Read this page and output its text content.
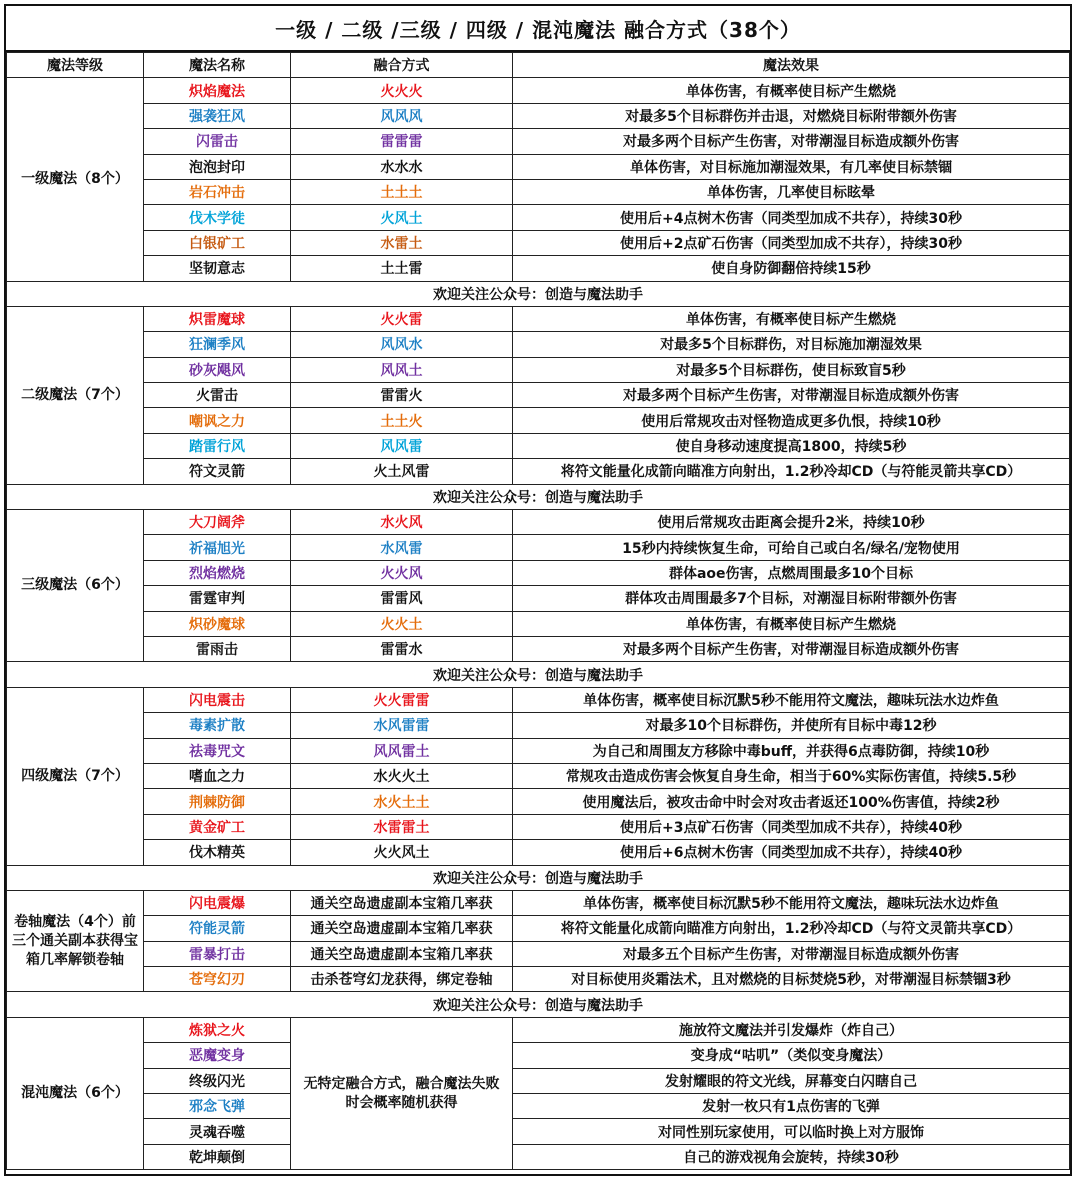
一级 / 二级 /三级 / 四级 / 混沌魔法 融合方式（38个）
魔法等级	魔法名称	融合方式	魔法效果
一级魔法（8个）	炽焰魔法	火火火	单体伤害，有概率使目标产生燃烧
	强袭狂风	风风风	对最多5个目标群伤并击退，对燃烧目标附带额外伤害
	闪雷击	雷雷雷	对最多两个目标产生伤害，对带潮湿目标造成额外伤害
	泡泡封印	水水水	单体伤害，对目标施加潮湿效果，有几率使目标禁锢
	岩石冲击	土土土	单体伤害，几率使目标眩晕
	伐木学徒	火风土	使用后+4点树木伤害（同类型加成不共存），持续30秒
	白银矿工	水雷土	使用后+2点矿石伤害（同类型加成不共存），持续30秒
	坚韧意志	土土雷	使自身防御翻倍持续15秒
欢迎关注公众号：创造与魔法助手			
二级魔法（7个）	炽雷魔球	火火雷	单体伤害，有概率使目标产生燃烧
	狂澜季风	风风水	对最多5个目标群伤，对目标施加潮湿效果
	砂灰飓风	风风土	对最多5个目标群伤，使目标致盲5秒
	火雷击	雷雷火	对最多两个目标产生伤害，对带潮湿目标造成额外伤害
	嘲讽之力	土土火	使用后常规攻击对怪物造成更多仇恨，持续10秒
	踏雷行风	风风雷	使自身移动速度提高1800，持续5秒
	符文灵箭	火土风雷	将符文能量化成箭向瞄准方向射出，1.2秒冷却CD（与符能灵箭共享CD）
欢迎关注公众号：创造与魔法助手			
三级魔法（6个）	大刀阔斧	水火风	使用后常规攻击距离会提升2米，持续10秒
	祈福旭光	水风雷	15秒内持续恢复生命，可给自己或白名/绿名/宠物使用
	烈焰燃烧	火火风	群体aoe伤害，点燃周围最多10个目标
	雷霆审判	雷雷风	群体攻击周围最多7个目标，对潮湿目标附带额外伤害
	炽砂魔球	火火土	单体伤害，有概率使目标产生燃烧
	雷雨击	雷雷水	对最多两个目标产生伤害，对带潮湿目标造成额外伤害
欢迎关注公众号：创造与魔法助手			
四级魔法（7个）	闪电震击	火火雷雷	单体伤害，概率使目标沉默5秒不能用符文魔法，趣味玩法水边炸鱼
	毒素扩散	水风雷雷	对最多10个目标群伤，并使所有目标中毒12秒
	祛毒咒文	风风雷土	为自己和周围友方移除中毒buff，并获得6点毒防御，持续10秒
	嗜血之力	水火火土	常规攻击造成伤害会恢复自身生命，相当于60%实际伤害值，持续5.5秒
	荆棘防御	水火土土	使用魔法后，被攻击命中时会对攻击者返还100%伤害值，持续2秒
	黄金矿工	水雷雷土	使用后+3点矿石伤害（同类型加成不共存），持续40秒
	伐木精英	火火风土	使用后+6点树木伤害（同类型加成不共存），持续40秒
欢迎关注公众号：创造与魔法助手			
卷轴魔法（4个）前三个通关副本获得宝箱几率解锁卷轴	闪电震爆	通关空岛遗虚副本宝箱几率获	单体伤害，概率使目标沉默5秒不能用符文魔法，趣味玩法水边炸鱼
	符能灵箭	通关空岛遗虚副本宝箱几率获	将符文能量化成箭向瞄准方向射出，1.2秒冷却CD（与符文灵箭共享CD）
	雷暴打击	通关空岛遗虚副本宝箱几率获	对最多五个目标产生伤害，对带潮湿目标造成额外伤害
	苍穹幻刃	击杀苍穹幻龙获得，绑定卷轴	对目标使用炎霜法术，且对燃烧的目标焚烧5秒，对带潮湿目标禁锢3秒
欢迎关注公众号：创造与魔法助手			
混沌魔法（6个）	炼狱之火	无特定融合方式，融合魔法失败时会概率随机获得	施放符文魔法并引发爆炸（炸自己）
	恶魔变身		变身成“咕叽”（类似变身魔法）
	终级闪光		发射耀眼的符文光线，屏幕变白闪瞎自己
	邪念飞弹		发射一枚只有1点伤害的飞弹
	灵魂吞噬		对同性别玩家使用，可以临时换上对方服饰
	乾坤颠倒		自己的游戏视角会旋转，持续30秒
